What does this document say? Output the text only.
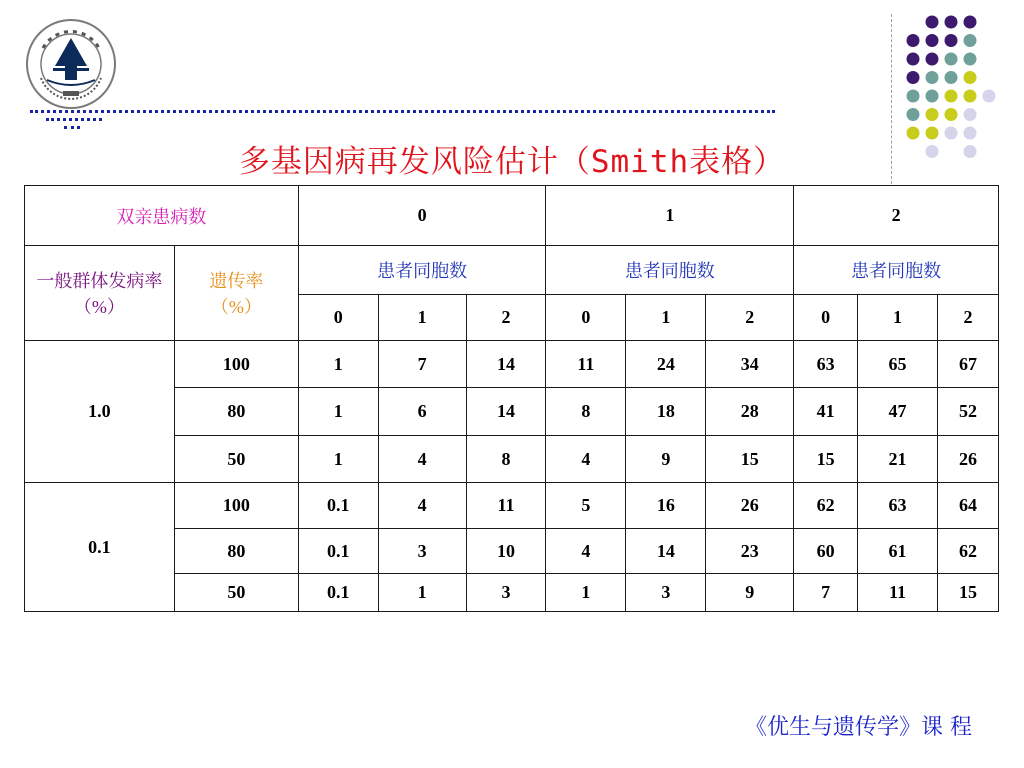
多基因病再发风险估计（Smith表格）
双亲患病数		0			1			2		
一般群体发病率（%）	遗传率（%）	患者同胞数			患者同胞数			患者同胞数		
		0	1	2	0	1	2	0	1	2
1.0	100	1	7	14	11	24	34	63	65	67
	80	1	6	14	8	18	28	41	47	52
	50	1	4	8	4	9	15	15	21	26
0.1	100	0.1	4	11	5	16	26	62	63	64
	80	0.1	3	10	4	14	23	60	61	62
	50	0.1	1	3	1	3	9	7	11	15
《优生与遗传学》课 程
